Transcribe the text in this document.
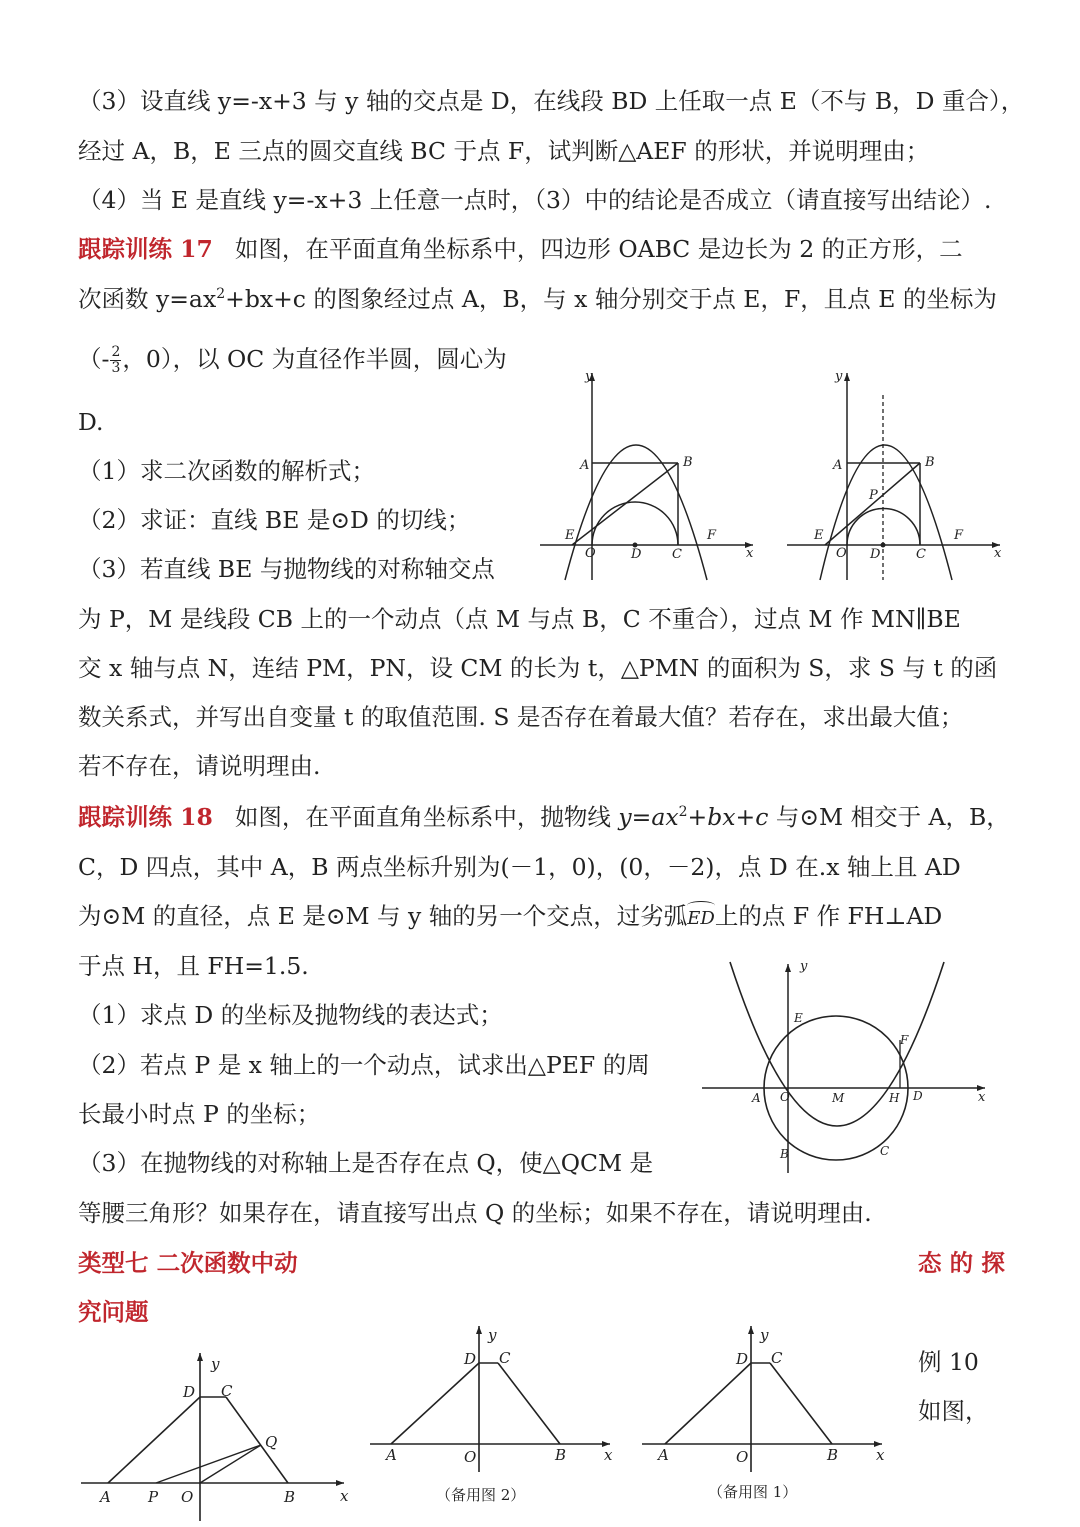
（3）设直线 y=-x+3 与 y 轴的交点是 D，在线段 BD 上任取一点 E（不与 B，D 重合），
经过 A，B，E 三点的圆交直线 BC 于点 F，试判断△AEF 的形状，并说明理由；
（4）当 E 是直线 y=-x+3 上任意一点时，（3）中的结论是否成立（请直接写出结论）.
跟踪训练 17 如图，在平面直角坐标系中，四边形 OABC 是边长为 2 的正方形，二
次函数 $y=ax^2+bx+c$ 的图象经过点 A，B，与 x 轴分别交于点 E，F，且点 E 的坐标为
（- $\frac{2}{3}$ ，0），以 OC 为直径作半圆，圆心为
D.
（1）求二次函数的解析式；
（2）求证：直线 BE 是⊙D 的切线；
（3）若直线 BE 与抛物线的对称轴交点
为 P，M 是线段 CB 上的一个动点（点 M 与点 B，C 不重合），过点 M 作 MN∥BE
交 x 轴与点 N，连结 PM，PN，设 CM 的长为 t，△PMN 的面积为 S，求 S 与 t 的函
数关系式，并写出自变量 t 的取值范围. S 是否存在着最大值？若存在，求出最大值；
若不存在，请说明理由.
y
x
A	B
E
O	D C
F
y
x
A	B
P
E
O D	C
F
跟踪训练 18 如图，在平面直角坐标系中，抛物线 $y=ax^2+bx+c$ 与⊙M 相交于 A，B，
C，D 四点，其中 A，B 两点坐标升别为(－1，0)，(0，－2)，点 D 在.x 轴上且 AD
为⊙M 的直径，点 E 是⊙M 与 y 轴的另一个交点，过劣弧ED上的点 F 作 FH⊥AD
于点 H，且 FH=1.5.
（1）求点 D 的坐标及抛物线的表达式；
（2）若点 P 是 x 轴上的一个动点，试求出△PEF 的周
长最小时点 P 的坐标；
（3）在抛物线的对称轴上是否存在点 Q，使△QCM 是
等腰三角形？如果存在，请直接写出点 Q 的坐标；如果不存在，请说明理由.
y
x
A O	M	H D
E
F
B	C
类型七 二次函数中动	态 的 探
究问题
例 10
如图，
y
x
D C
A P O	B
Q
y
x
D C
A	O	B
（备用图 2）
y
x
D C
A	O	B
（备用图 1）
